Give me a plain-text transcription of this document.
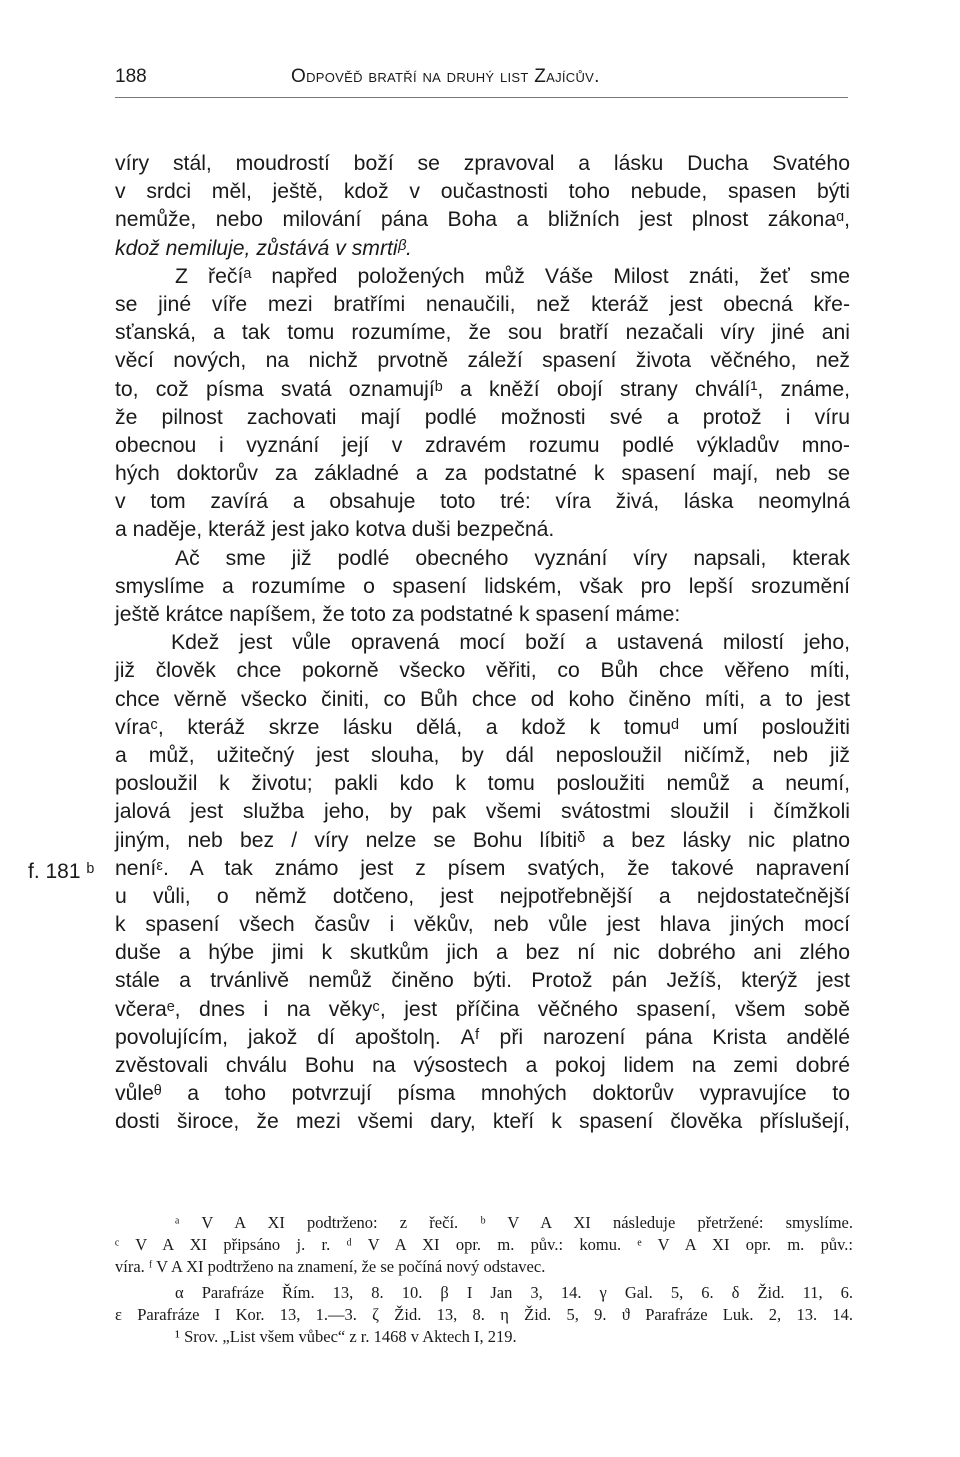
188	Odpověď bratří na druhý list Zajícův.
f. 181 ᵇ
víry stál, moudrostí boží se zpravoval a lásku Ducha Svatého
v srdci měl, ještě, kdož v oučastnosti toho nebude, spasen býti
nemůže, nebo milování pána Boha a bližních jest plnost zákonaᵅ,
kdož nemiluje, zůstává v smrtiᵝ.
Z řečíᵃ napřed položených můž Váše Milost znáti, žeť sme
se jiné víře mezi bratřími nenaučili, než kteráž jest obecná kře-
sťanská, a tak tomu rozumíme, že sou bratří nezačali víry jiné ani
věcí nových, na nichž prvotně záleží spasení života věčného, než
to, což písma svatá oznamujíᵇ a kněží obojí strany chválí¹, známe,
že pilnost zachovati mají podlé možnosti své a protož i víru
obecnou i vyznání její v zdravém rozumu podlé výkladův mno-
hých doktorův za základné a za podstatné k spasení mají, neb se
v tom zavírá a obsahuje toto tré: víra živá, láska neomylná
a naděje, kteráž jest jako kotva duši bezpečná.
Ač sme již podlé obecného vyznání víry napsali, kterak
smyslíme a rozumíme o spasení lidském, však pro lepší srozumění
ještě krátce napíšem, že toto za podstatné k spasení máme:
Kdež jest vůle opravená mocí boží a ustavená milostí jeho,
již člověk chce pokorně všecko věřiti, co Bůh chce věřeno míti,
chce věrně všecko činiti, co Bůh chce od koho činěno míti, a to jest
víraᶜ, kteráž skrze lásku dělá, a kdož k tomuᵈ umí posloužiti
a můž, užitečný jest slouha, by dál neposloužil ničímž, neb již
posloužil k životu; pakli kdo k tomu posloužiti nemůž a neumí,
jalová jest služba jeho, by pak všemi svátostmi sloužil i čímžkoli
jiným, neb bez / víry nelze se Bohu líbitiᵟ a bez lásky nic platno
neníᵋ. A tak známo jest z písem svatých, že takové napravení
u vůli, o němž dotčeno, jest nejpotřebnější a nejdostatečnější
k spasení všech časův i věkův, neb vůle jest hlava jiných mocí
duše a hýbe jimi k skutkům jich a bez ní nic dobrého ani zlého
stále a trvánlivě nemůž činěno býti. Protož pán Ježíš, kterýž jest
včeraᵉ, dnes i na věkyᶜ, jest příčina věčného spasení, všem sobě
povolujícím, jakož dí apoštolη. Aᶠ při narození pána Krista andělé
zvěstovali chválu Bohu na výsostech a pokoj lidem na zemi dobré
vůleᶿ a toho potvrzují písma mnohých doktorův vypravujíce to
dosti široce, že mezi všemi dary, kteří k spasení člověka příslušejí,
ᵃ V A XI podtrženo: z řečí. ᵇ V A XI následuje přetržené: smyslíme.
ᶜ V A XI připsáno j. r. ᵈ V A XI opr. m. pův.: komu. ᵉ V A XI opr. m. pův.:
víra. ᶠ V A XI podtrženo na znamení, že se počíná nový odstavec.
α Parafráze Řím. 13, 8. 10. β I Jan 3, 14. γ Gal. 5, 6. δ Žid. 11, 6.
ε Parafráze I Kor. 13, 1.—3. ζ Žid. 13, 8. η Žid. 5, 9. ϑ Parafráze Luk. 2, 13. 14.
¹ Srov. „List všem vůbec“ z r. 1468 v Aktech I, 219.
